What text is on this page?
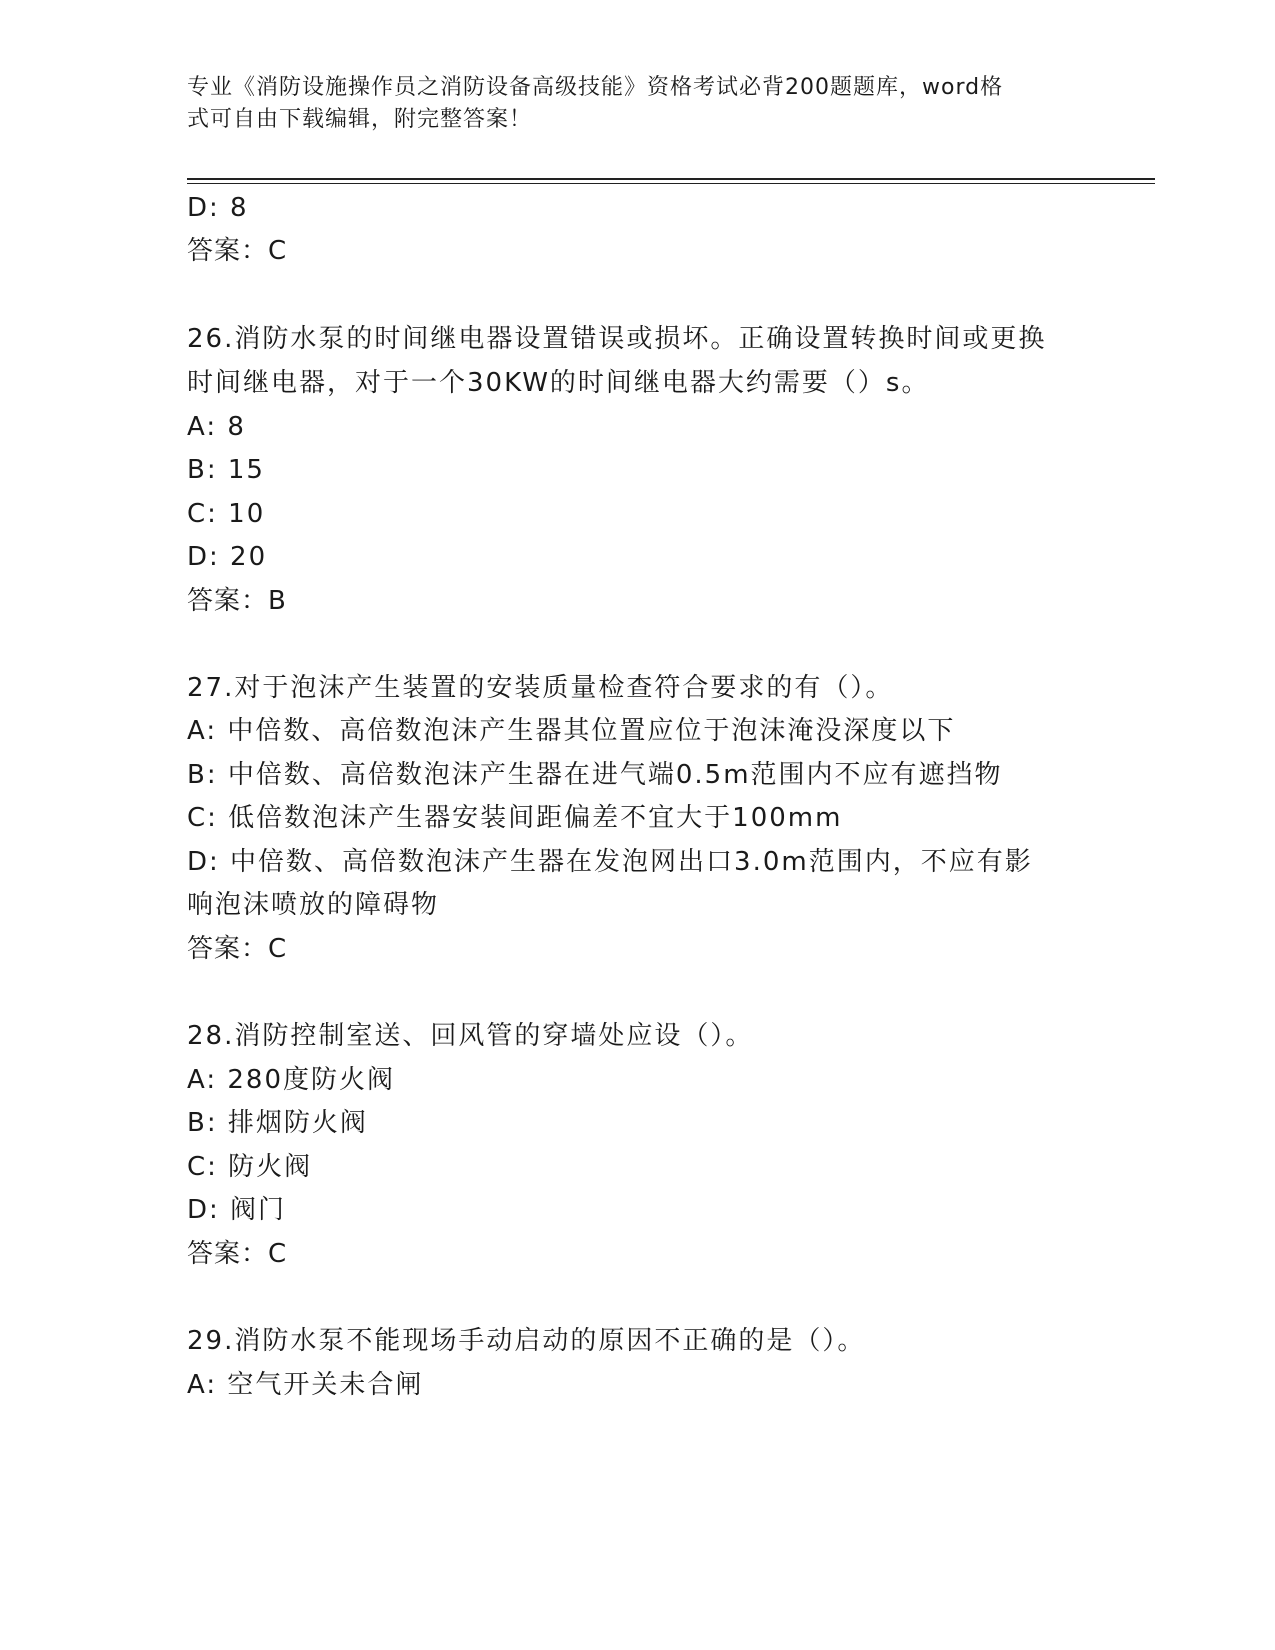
专业《消防设施操作员之消防设备高级技能》资格考试必背200题题库，word格
式可自由下载编辑，附完整答案！
D: 8
答案：C
26.消防水泵的时间继电器设置错误或损坏。正确设置转换时间或更换
时间继电器，对于一个30KW的时间继电器大约需要（）s。
A: 8
B: 15
C: 10
D: 20
答案：B
27.对于泡沫产生装置的安装质量检查符合要求的有（）。
A: 中倍数、高倍数泡沫产生器其位置应位于泡沫淹没深度以下
B: 中倍数、高倍数泡沫产生器在进气端0.5m范围内不应有遮挡物
C: 低倍数泡沫产生器安装间距偏差不宜大于100mm
D: 中倍数、高倍数泡沫产生器在发泡网出口3.0m范围内，不应有影
响泡沫喷放的障碍物
答案：C
28.消防控制室送、回风管的穿墙处应设（）。
A: 280度防火阀
B: 排烟防火阀
C: 防火阀
D: 阀门
答案：C
29.消防水泵不能现场手动启动的原因不正确的是（）。
A: 空气开关未合闸
